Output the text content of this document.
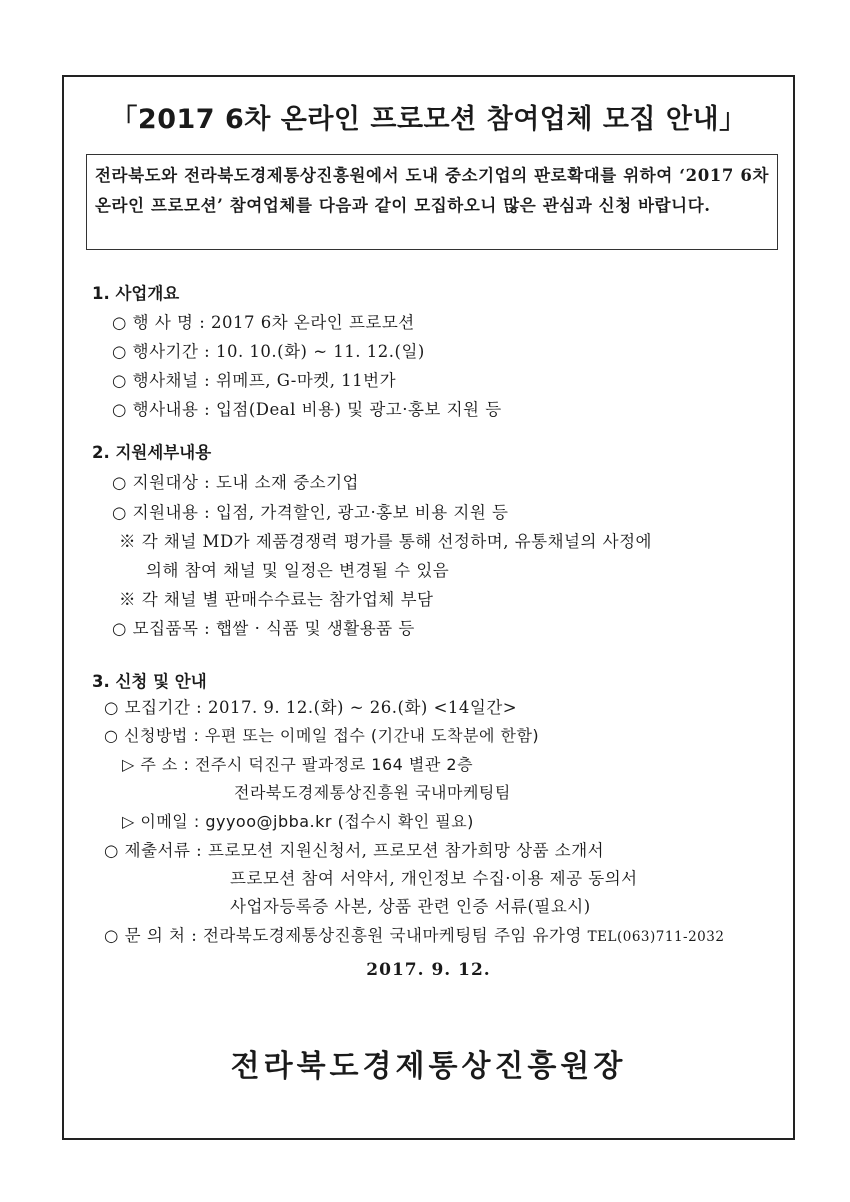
「2017 6차 온라인 프로모션 참여업체 모집 안내」

전라북도와 전라북도경제통상진흥원에서 도내 중소기업의 판로확대를 위하여 ‘2017 6차 온라인 프로모션’ 참여업체를 다음과 같이 모집하오니 많은 관심과 신청 바랍니다.

1. 사업개요
○ 행 사 명 : 2017 6차 온라인 프로모션
○ 행사기간 : 10. 10.(화) ~ 11. 12.(일)
○ 행사채널 : 위메프, G-마켓, 11번가
○ 행사내용 : 입점(Deal 비용) 및 광고·홍보 지원 등
2. 지원세부내용
○ 지원대상 : 도내 소재 중소기업
○ 지원내용 : 입점, 가격할인, 광고·홍보 비용 지원 등
※ 각 채널 MD가 제품경쟁력 평가를 통해 선정하며, 유통채널의 사정에
의해 참여 채널 및 일정은 변경될 수 있음
※ 각 채널 별 판매수수료는 참가업체 부담
○ 모집품목 : 햅쌀 · 식품 및 생활용품 등
3. 신청 및 안내
○ 모집기간 : 2017. 9. 12.(화) ~ 26.(화) <14일간>
○ 신청방법 : 우편 또는 이메일 접수 (기간내 도착분에 한함)
▷ 주 소 : 전주시 덕진구 팔과정로 164 별관 2층
전라북도경제통상진흥원 국내마케팅팀
▷ 이메일 : gyyoo@jbba.kr (접수시 확인 필요)
○ 제출서류 : 프로모션 지원신청서, 프로모션 참가희망 상품 소개서
프로모션 참여 서약서, 개인정보 수집·이용 제공 동의서
사업자등록증 사본, 상품 관련 인증 서류(필요시)
○ 문 의 처 : 전라북도경제통상진흥원 국내마케팅팀 주임 유가영 TEL(063)711-2032
2017. 9. 12.
전라북도경제통상진흥원장
